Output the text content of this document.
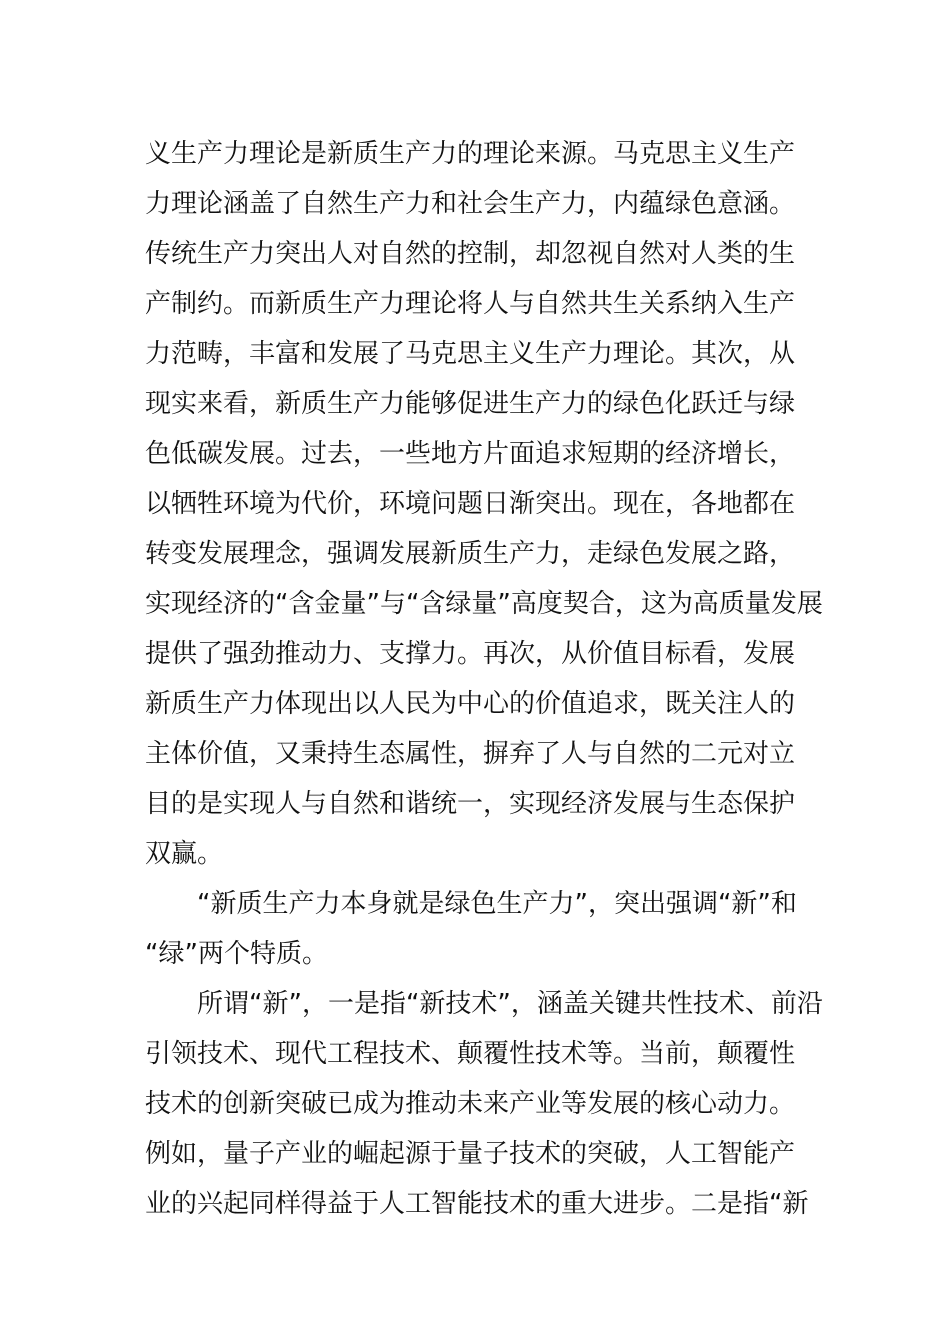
义生产力理论是新质生产力的理论来源。马克思主义生产
力理论涵盖了自然生产力和社会生产力，内蕴绿色意涵。
传统生产力突出人对自然的控制，却忽视自然对人类的生
产制约。而新质生产力理论将人与自然共生关系纳入生产
力范畴，丰富和发展了马克思主义生产力理论。其次，从
现实来看，新质生产力能够促进生产力的绿色化跃迁与绿
色低碳发展。过去，一些地方片面追求短期的经济增长，
以牺牲环境为代价，环境问题日渐突出。现在，各地都在
转变发展理念，强调发展新质生产力，走绿色发展之路，
实现经济的“含金量”与“含绿量”高度契合，这为高质量发展
提供了强劲推动力、支撑力。再次，从价值目标看，发展
新质生产力体现出以人民为中心的价值追求，既关注人的
主体价值，又秉持生态属性，摒弃了人与自然的二元对立
目的是实现人与自然和谐统一，实现经济发展与生态保护
双赢。
“新质生产力本身就是绿色生产力”，突出强调“新”和
“绿”两个特质。
所谓“新”，一是指“新技术”，涵盖关键共性技术、前沿
引领技术、现代工程技术、颠覆性技术等。当前，颠覆性
技术的创新突破已成为推动未来产业等发展的核心动力。
例如，量子产业的崛起源于量子技术的突破，人工智能产
业的兴起同样得益于人工智能技术的重大进步。二是指“新
